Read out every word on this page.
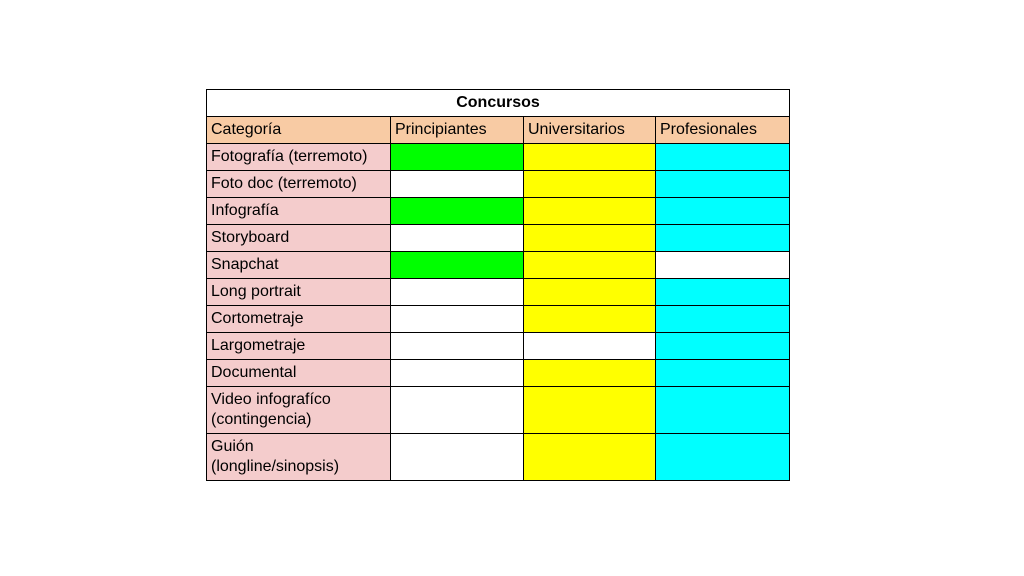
Concursos			
Categoría	Principiantes	Universitarios	Profesionales
Fotografía (terremoto)			
Foto doc (terremoto)			
Infografía			
Storyboard			
Snapchat			
Long portrait			
Cortometraje			
Largometraje			
Documental			
Video infografíco (contingencia)			
Guión (longline/sinopsis)			
